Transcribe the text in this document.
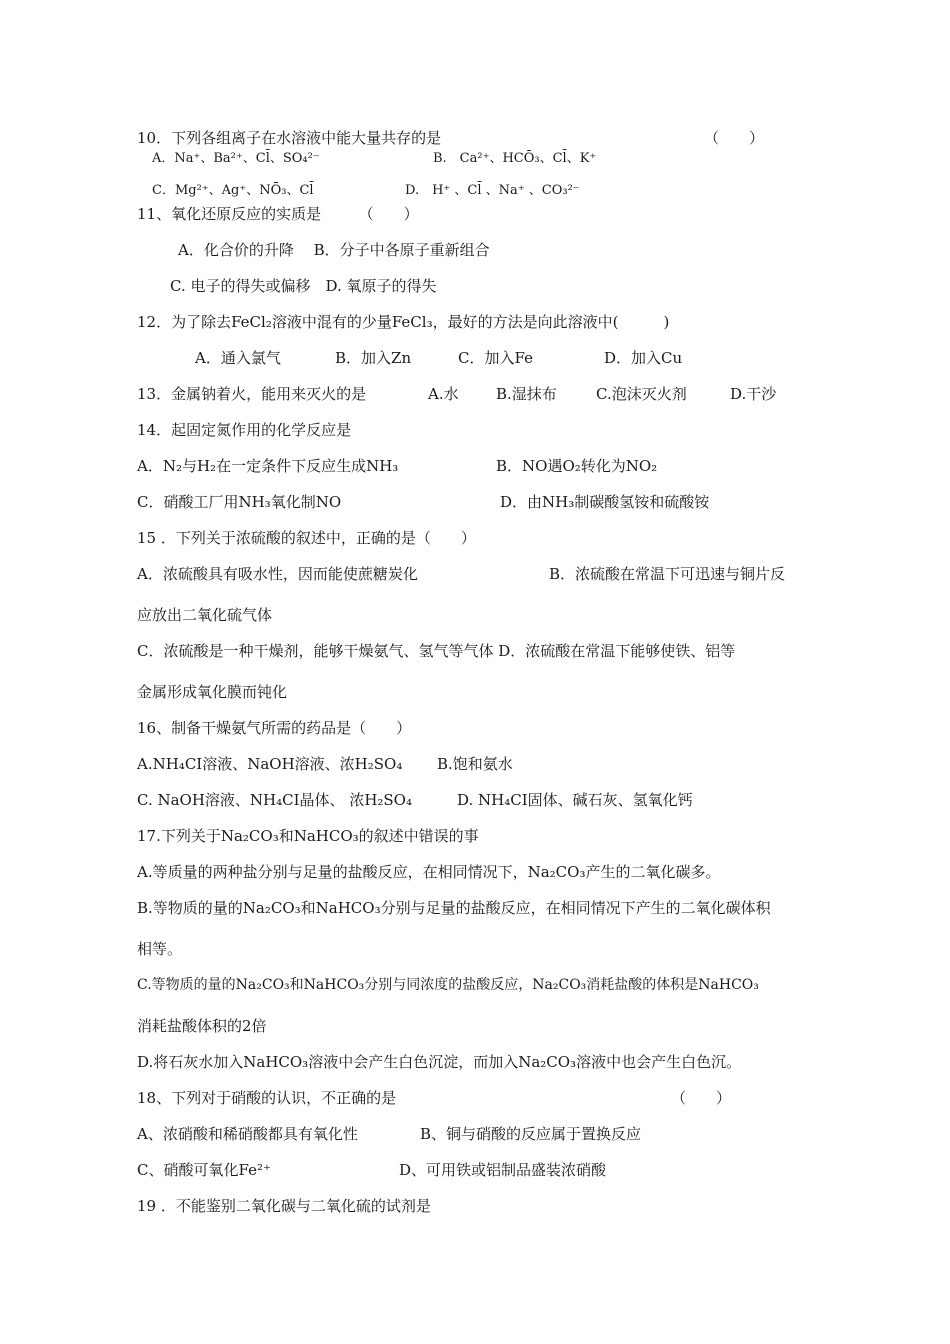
10．下列各组离子在水溶液中能大量共存的是	（　　）
A．Na⁺、Ba²⁺、Cl̄、SO₄²⁻	B.　Ca²⁺、HCŌ₃、Cl̄、K⁺
C．Mg²⁺、Ag⁺、NŌ₃、Cl̄	D.　H⁺ 、Cl̄ 、Na⁺ 、CO₃²⁻
11、氧化还原反应的实质是　　　（　　）
A．化合价的升降　 B．分子中各原子重新组合
C. 电子的得失或偏移　D. 氧原子的得失
12．为了除去FeCl₂溶液中混有的少量FeCl₃，最好的方法是向此溶液中(　　　)
A．通入氯气	B．加入Zn	C．加入Fe	D．加入Cu
13．金属钠着火，能用来灭火的是	A.水 B.湿抹布	C.泡沫灭火剂	D.干沙
14．起固定氮作用的化学反应是
A．N₂与H₂在一定条件下反应生成NH₃	B．NO遇O₂转化为NO₂
C．硝酸工厂用NH₃氧化制NO	D．由NH₃制碳酸氢铵和硫酸铵
15 ．下列关于浓硫酸的叙述中，正确的是（　　）
A．浓硫酸具有吸水性，因而能使蔗糖炭化	B．浓硫酸在常温下可迅速与铜片反
应放出二氧化硫气体
C．浓硫酸是一种干燥剂，能够干燥氨气、氢气等气体 D．浓硫酸在常温下能够使铁、铝等
金属形成氧化膜而钝化
16、制备干燥氨气所需的药品是（　　）
A.NH₄CI溶液、NaOH溶液、浓H₂SO₄ B.饱和氨水
C. NaOH溶液、NH₄CI晶体、 浓H₂SO₄	D. NH₄CI固体、碱石灰、氢氧化钙
17.下列关于Na₂CO₃和NaHCO₃的叙述中错误的事
A.等质量的两种盐分别与足量的盐酸反应，在相同情况下，Na₂CO₃产生的二氧化碳多。
B.等物质的量的Na₂CO₃和NaHCO₃分别与足量的盐酸反应，在相同情况下产生的二氧化碳体积
相等。
C.等物质的量的Na₂CO₃和NaHCO₃分别与同浓度的盐酸反应，Na₂CO₃消耗盐酸的体积是NaHCO₃
消耗盐酸体积的2倍
D.将石灰水加入NaHCO₃溶液中会产生白色沉淀，而加入Na₂CO₃溶液中也会产生白色沉。
18、下列对于硝酸的认识，不正确的是	（　　）
A、浓硝酸和稀硝酸都具有氧化性	B、铜与硝酸的反应属于置换反应
C、硝酸可氧化Fe²⁺	D、可用铁或铝制品盛装浓硝酸
19 ．不能鉴别二氧化碳与二氧化硫的试剂是
